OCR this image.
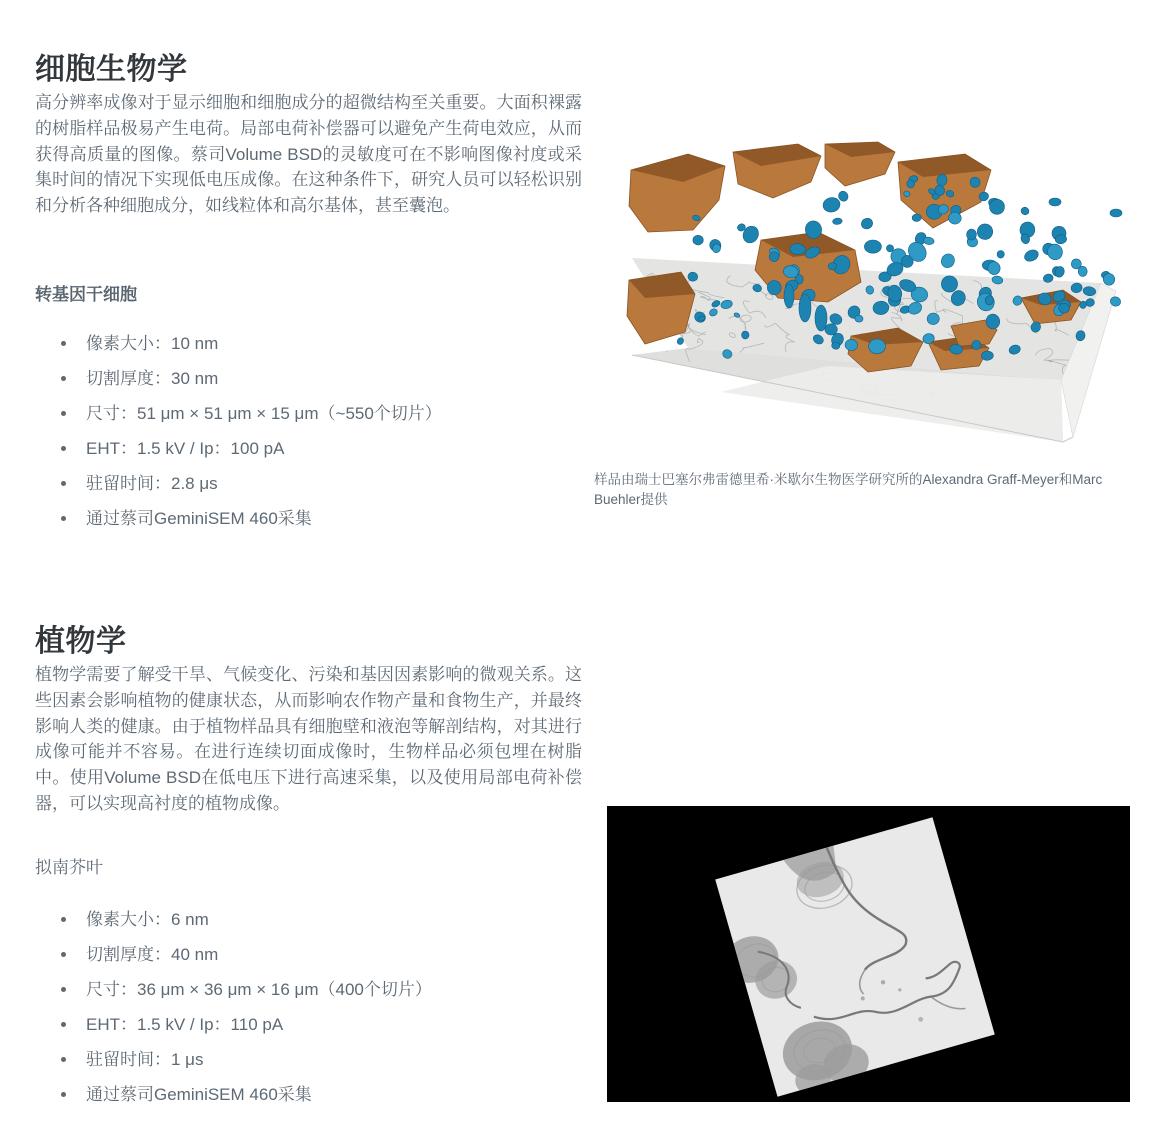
细胞生物学

高分辨率成像对于显示细胞和细胞成分的超微结构至关重要。大面积裸露的树脂样品极易产生电荷。局部电荷补偿器可以避免产生荷电效应，从而获得高质量的图像。蔡司Volume BSD的灵敏度可在不影响图像衬度或采集时间的情况下实现低电压成像。在这种条件下，研究人员可以轻松识别和分析各种细胞成分，如线粒体和高尔基体，甚至囊泡。

转基因干细胞
像素大小：10 nm
切割厚度：30 nm
尺寸：51 μm × 51 μm × 15 μm（~550个切片）
EHT：1.5 kV / Ip：100 pA
驻留时间：2.8 μs
通过蔡司GeminiSEM 460采集
样品由瑞士巴塞尔弗雷德里希·米歇尔生物医学研究所的Alexandra Graff-Meyer和Marc Buehler提供
植物学

植物学需要了解受干旱、气候变化、污染和基因因素影响的微观关系。这些因素会影响植物的健康状态，从而影响农作物产量和食物生产，并最终影响人类的健康。由于植物样品具有细胞壁和液泡等解剖结构，对其进行成像可能并不容易。在进行连续切面成像时，生物样品必须包埋在树脂中。使用Volume BSD在低电压下进行高速采集，以及使用局部电荷补偿器，可以实现高衬度的植物成像。

拟南芥叶
像素大小：6 nm
切割厚度：40 nm
尺寸：36 μm × 36 μm × 16 μm（400个切片）
EHT：1.5 kV / Ip：110 pA
驻留时间：1 μs
通过蔡司GeminiSEM 460采集
